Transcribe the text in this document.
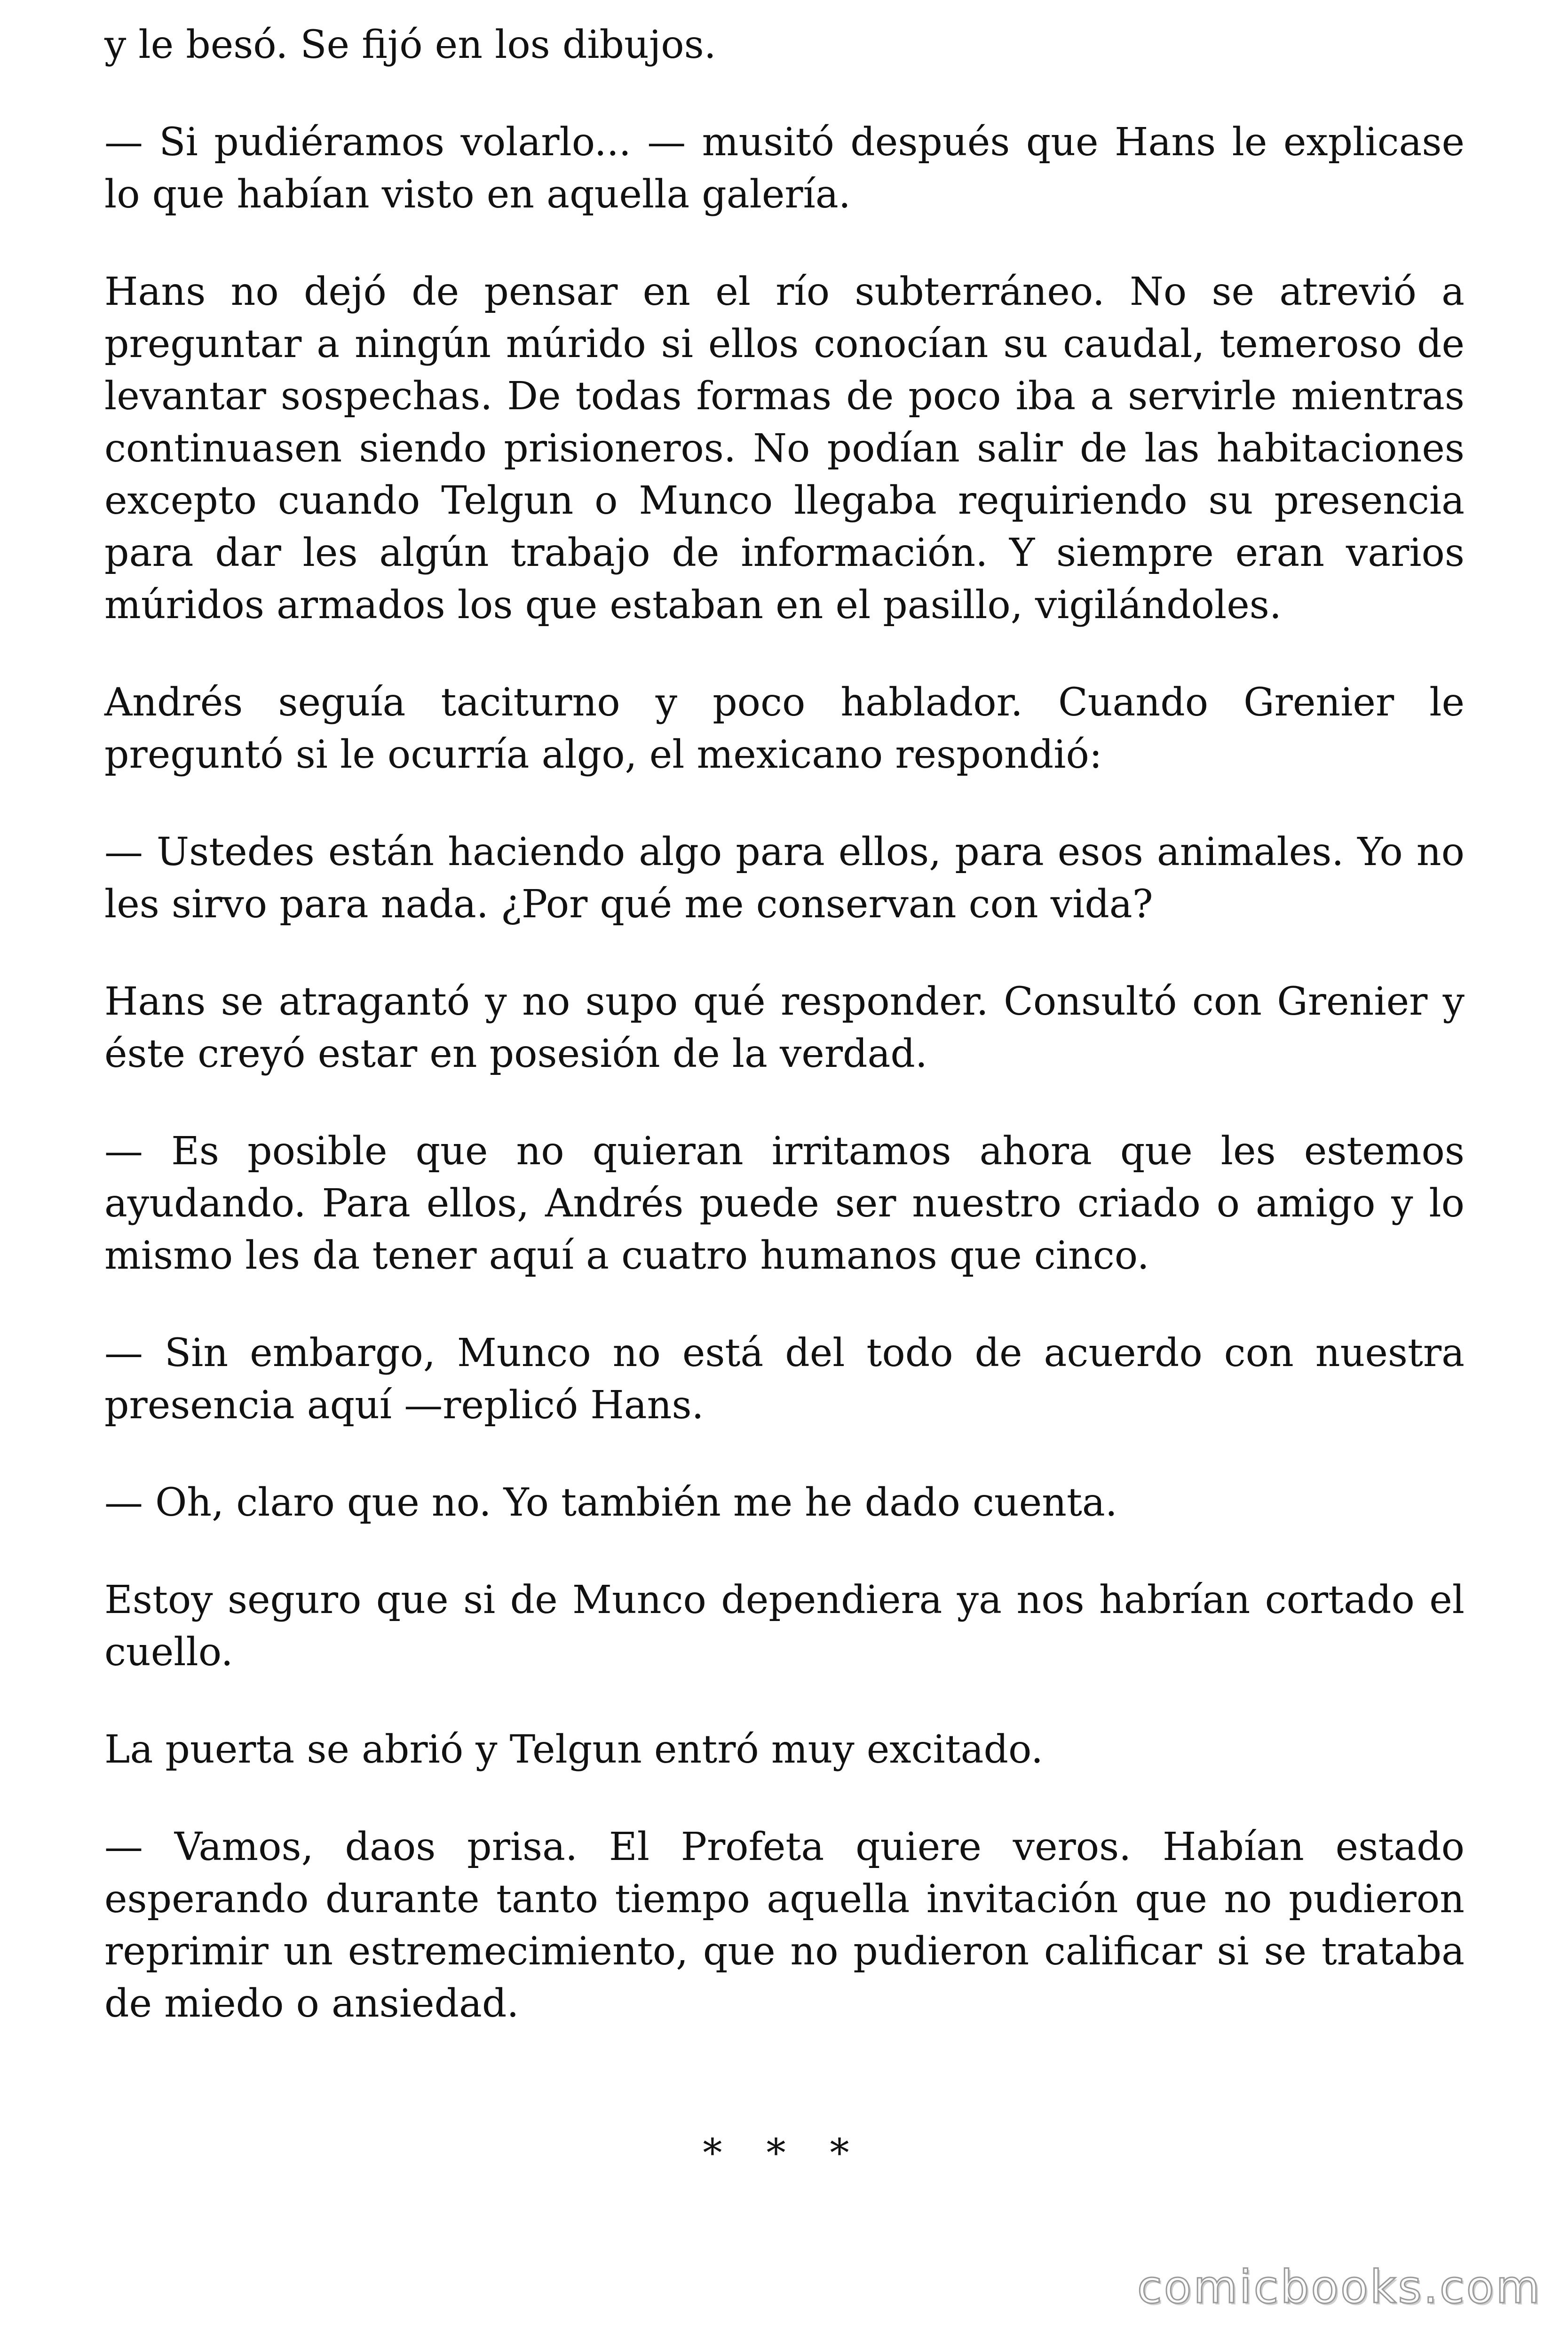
y le besó. Se fijó en los dibujos.

— Si pudiéramos volarlo... — musitó después que Hans le explicase lo que habían visto en aquella galería.

Hans no dejó de pensar en el río subterráneo. No se atrevió a preguntar a ningún múrido si ellos conocían su caudal, temeroso de levantar sospechas. De todas formas de poco iba a servirle mientras continuasen siendo prisioneros. No podían salir de las habitaciones excepto cuando Telgun o Munco llegaba requiriendo su presencia para dar les algún trabajo de información. Y siempre eran varios múridos armados los que estaban en el pasillo, vigilándoles.

Andrés seguía taciturno y poco hablador. Cuando Grenier le preguntó si le ocurría algo, el mexicano respondió:

— Ustedes están haciendo algo para ellos, para esos animales. Yo no les sirvo para nada. ¿Por qué me conservan con vida?

Hans se atragantó y no supo qué responder. Consultó con Grenier y éste creyó estar en posesión de la verdad.

— Es posible que no quieran irritamos ahora que les estemos ayudando. Para ellos, Andrés puede ser nuestro criado o amigo y lo mismo les da tener aquí a cuatro humanos que cinco.

— Sin embargo, Munco no está del todo de acuerdo con nuestra presencia aquí —replicó Hans.

— Oh, claro que no. Yo también me he dado cuenta.

Estoy seguro que si de Munco dependiera ya nos habrían cortado el cuello.

La puerta se abrió y Telgun entró muy excitado.

— Vamos, daos prisa. El Profeta quiere veros. Habían estado esperando durante tanto tiempo aquella invitación que no pudieron reprimir un estremecimiento, que no pudieron calificar si se trataba de miedo o ansiedad.

* * *
comicbooks.com
